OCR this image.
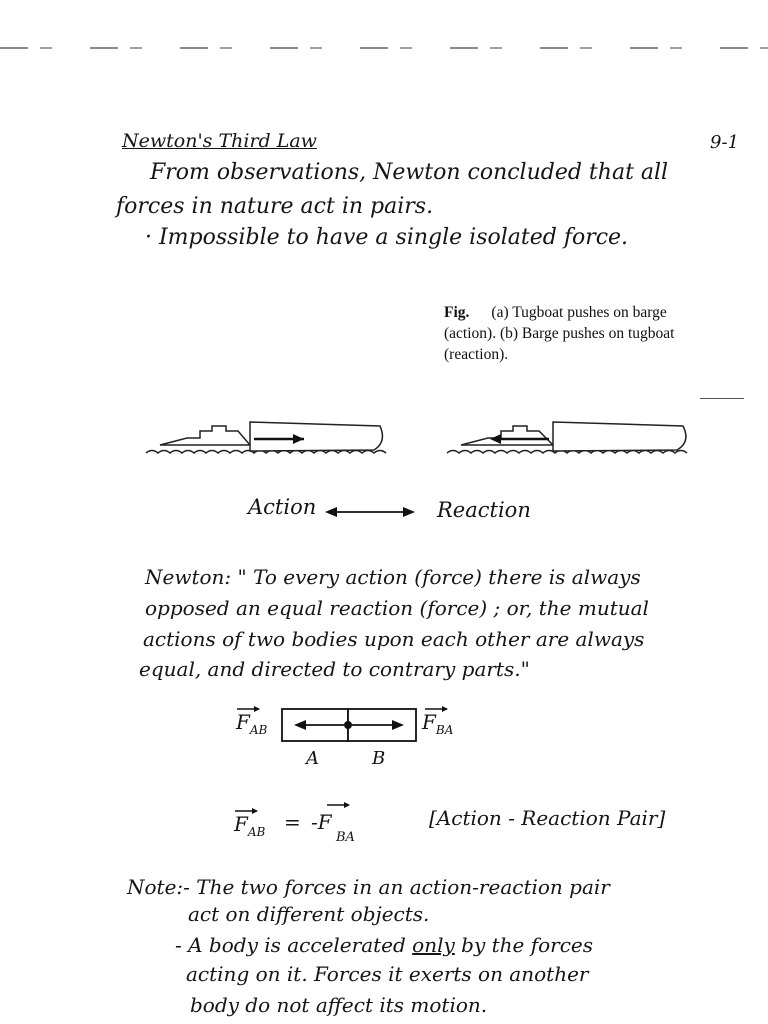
Newton's Third Law	9-1
From observations, Newton concluded that all
forces in nature act in pairs.
· Impossible to have a single isolated force.
Fig. (a) Tugboat pushes on barge (action). (b) Barge pushes on tugboat (reaction).
Action	Reaction
Newton: " To every action (force) there is always
opposed an equal reaction (force) ; or, the mutual
actions of two bodies upon each other are always
equal, and directed to contrary parts."
$F_{AB}$	$F_{BA}$
A	B
$F_{AB} = -F$
BA
[Action - Reaction Pair]
Note:- The two forces in an action-reaction pair
act on different objects.
- A body is accelerated only by the forces
acting on it. Forces it exerts on another
body do not affect its motion.
